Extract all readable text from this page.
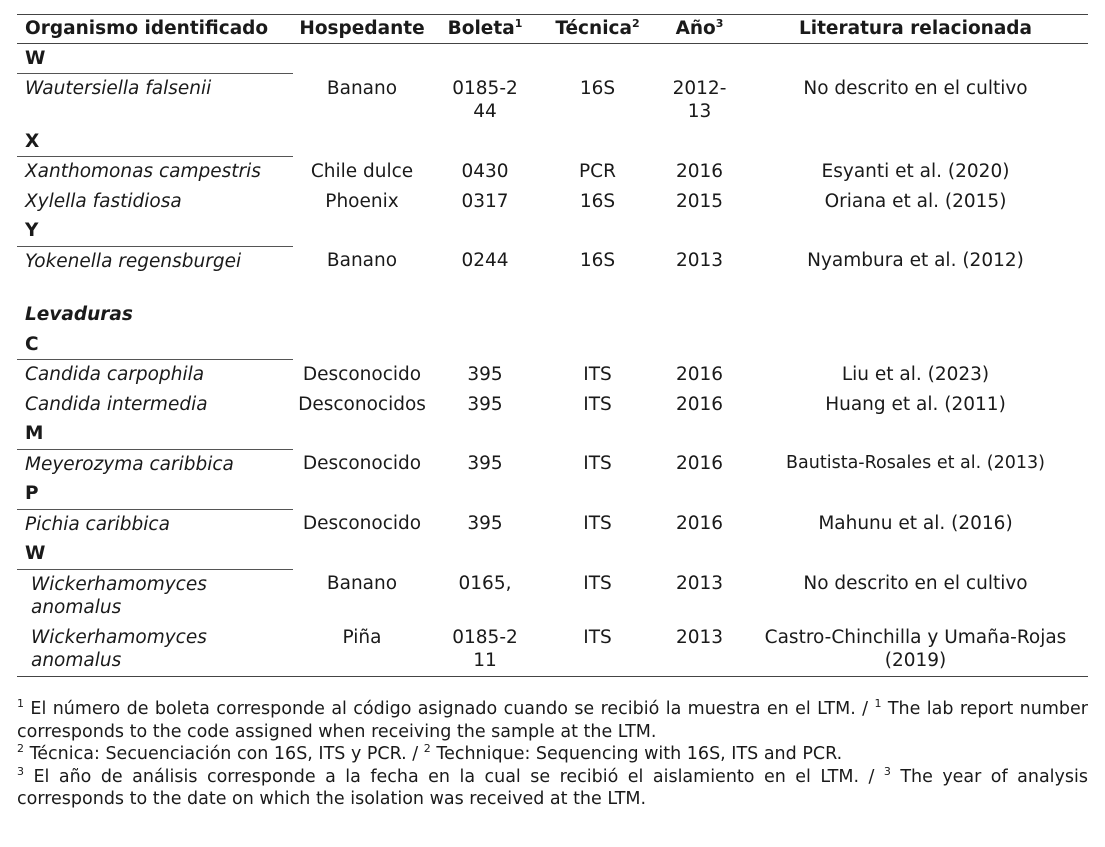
Organismo identificado	Hospedante	Boleta$^1$	Técnica$^2$	Año$^3$	Literatura relacionada
W					
Wautersiella falsenii	Banano	0185-244	16S	2012-13	No descrito en el cultivo
X					
Xanthomonas campestris	Chile dulce	0430	PCR	2016	Esyanti et al. (2020)
Xylella fastidiosa	Phoenix	0317	16S	2015	Oriana et al. (2015)
Y					
Yokenella regensburgei	Banano	0244	16S	2013	Nyambura et al. (2012)
Levaduras					
C					
Candida carpophila	Desconocido	395	ITS	2016	Liu et al. (2023)
Candida intermedia	Desconocidos	395	ITS	2016	Huang et al. (2011)
M					
Meyerozyma caribbica	Desconocido	395	ITS	2016	Bautista-Rosales et al. (2013)
P					
Pichia caribbica	Desconocido	395	ITS	2016	Mahunu et al. (2016)
W					
Wickerhamomyces anomalus	Banano	0165,	ITS	2013	No descrito en el cultivo
Wickerhamomyces anomalus	Piña	0185-211	ITS	2013	Castro-Chinchilla y Umaña-Rojas (2019)

$^1$ El número de boleta corresponde al código asignado cuando se recibió la muestra en el LTM. / $^1$ The lab report number corresponds to the code assigned when receiving the sample at the LTM.

$^2$ Técnica: Secuenciación con 16S, ITS y PCR. / $^2$ Technique: Sequencing with 16S, ITS and PCR.

$^3$ El año de análisis corresponde a la fecha en la cual se recibió el aislamiento en el LTM. / $^3$ The year of analysis corresponds to the date on which the isolation was received at the LTM.
